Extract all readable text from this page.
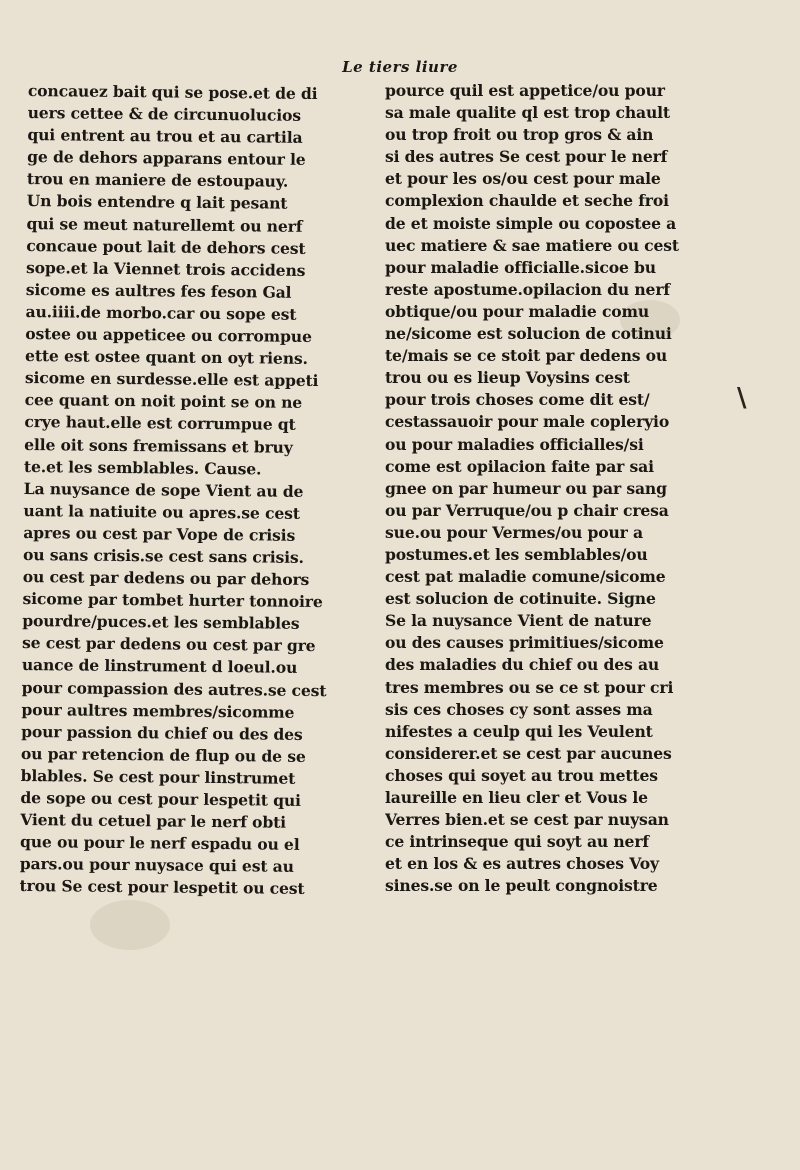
Le tiers liure
concauez bait qui se pose.et de di
uers cettee & de circunuolucios
qui entrent au trou et au cartila
ge de dehors apparans entour le
trou en maniere de estoupauy.
Un bois entendre q lait pesant
qui se meut naturellemt ou nerf
concaue pout lait de dehors cest
sope.et la Viennet trois accidens
sicome es aultres fes feson Gal
au.iiii.de morbo.car ou sope est
ostee ou appeticee ou corrompue
ette est ostee quant on oyt riens.
sicome en surdesse.elle est appeti
cee quant on noit point se on ne
crye haut.elle est corrumpue qt
elle oit sons fremissans et bruy
te.et les semblables. Cause.
La nuysance de sope Vient au de
uant la natiuite ou apres.se cest
apres ou cest par Vope de crisis
ou sans crisis.se cest sans crisis.
ou cest par dedens ou par dehors
sicome par tombet hurter tonnoire
pourdre/puces.et les semblables
se cest par dedens ou cest par gre
uance de linstrument d loeul.ou
pour compassion des autres.se cest
pour aultres membres/sicomme
pour passion du chief ou des des
ou par retencion de flup ou de se
blables. Se cest pour linstrumet
de sope ou cest pour lespetit qui
Vient du cetuel par le nerf obti
que ou pour le nerf espadu ou el
pars.ou pour nuysace qui est au
trou Se cest pour lespetit ou cest
pource quil est appetice/ou pour
sa male qualite ql est trop chault
ou trop froit ou trop gros & ain
si des autres Se cest pour le nerf
et pour les os/ou cest pour male
complexion chaulde et seche froi
de et moiste simple ou copostee a
uec matiere & sae matiere ou cest
pour maladie officialle.sicoe bu
reste apostume.opilacion du nerf
obtique/ou pour maladie comu
ne/sicome est solucion de cotinui
te/mais se ce stoit par dedens ou
trou ou es lieup Voysins cest
pour trois choses come dit est/
cestassauoir pour male copleryio
ou pour maladies officialles/si
come est opilacion faite par sai
gnee on par humeur ou par sang
ou par Verruque/ou p chair cresa
sue.ou pour Vermes/ou pour a
postumes.et les semblables/ou
cest pat maladie comune/sicome
est solucion de cotinuite. Signe
Se la nuysance Vient de nature
ou des causes primitiues/sicome
des maladies du chief ou des au
tres membres ou se ce st pour cri
sis ces choses cy sont asses ma
nifestes a ceulp qui les Veulent
considerer.et se cest par aucunes
choses qui soyet au trou mettes
laureille en lieu cler et Vous le
Verres bien.et se cest par nuysan
ce intrinseque qui soyt au nerf
et en los & es autres choses Voy
sines.se on le peult congnoistre
\
